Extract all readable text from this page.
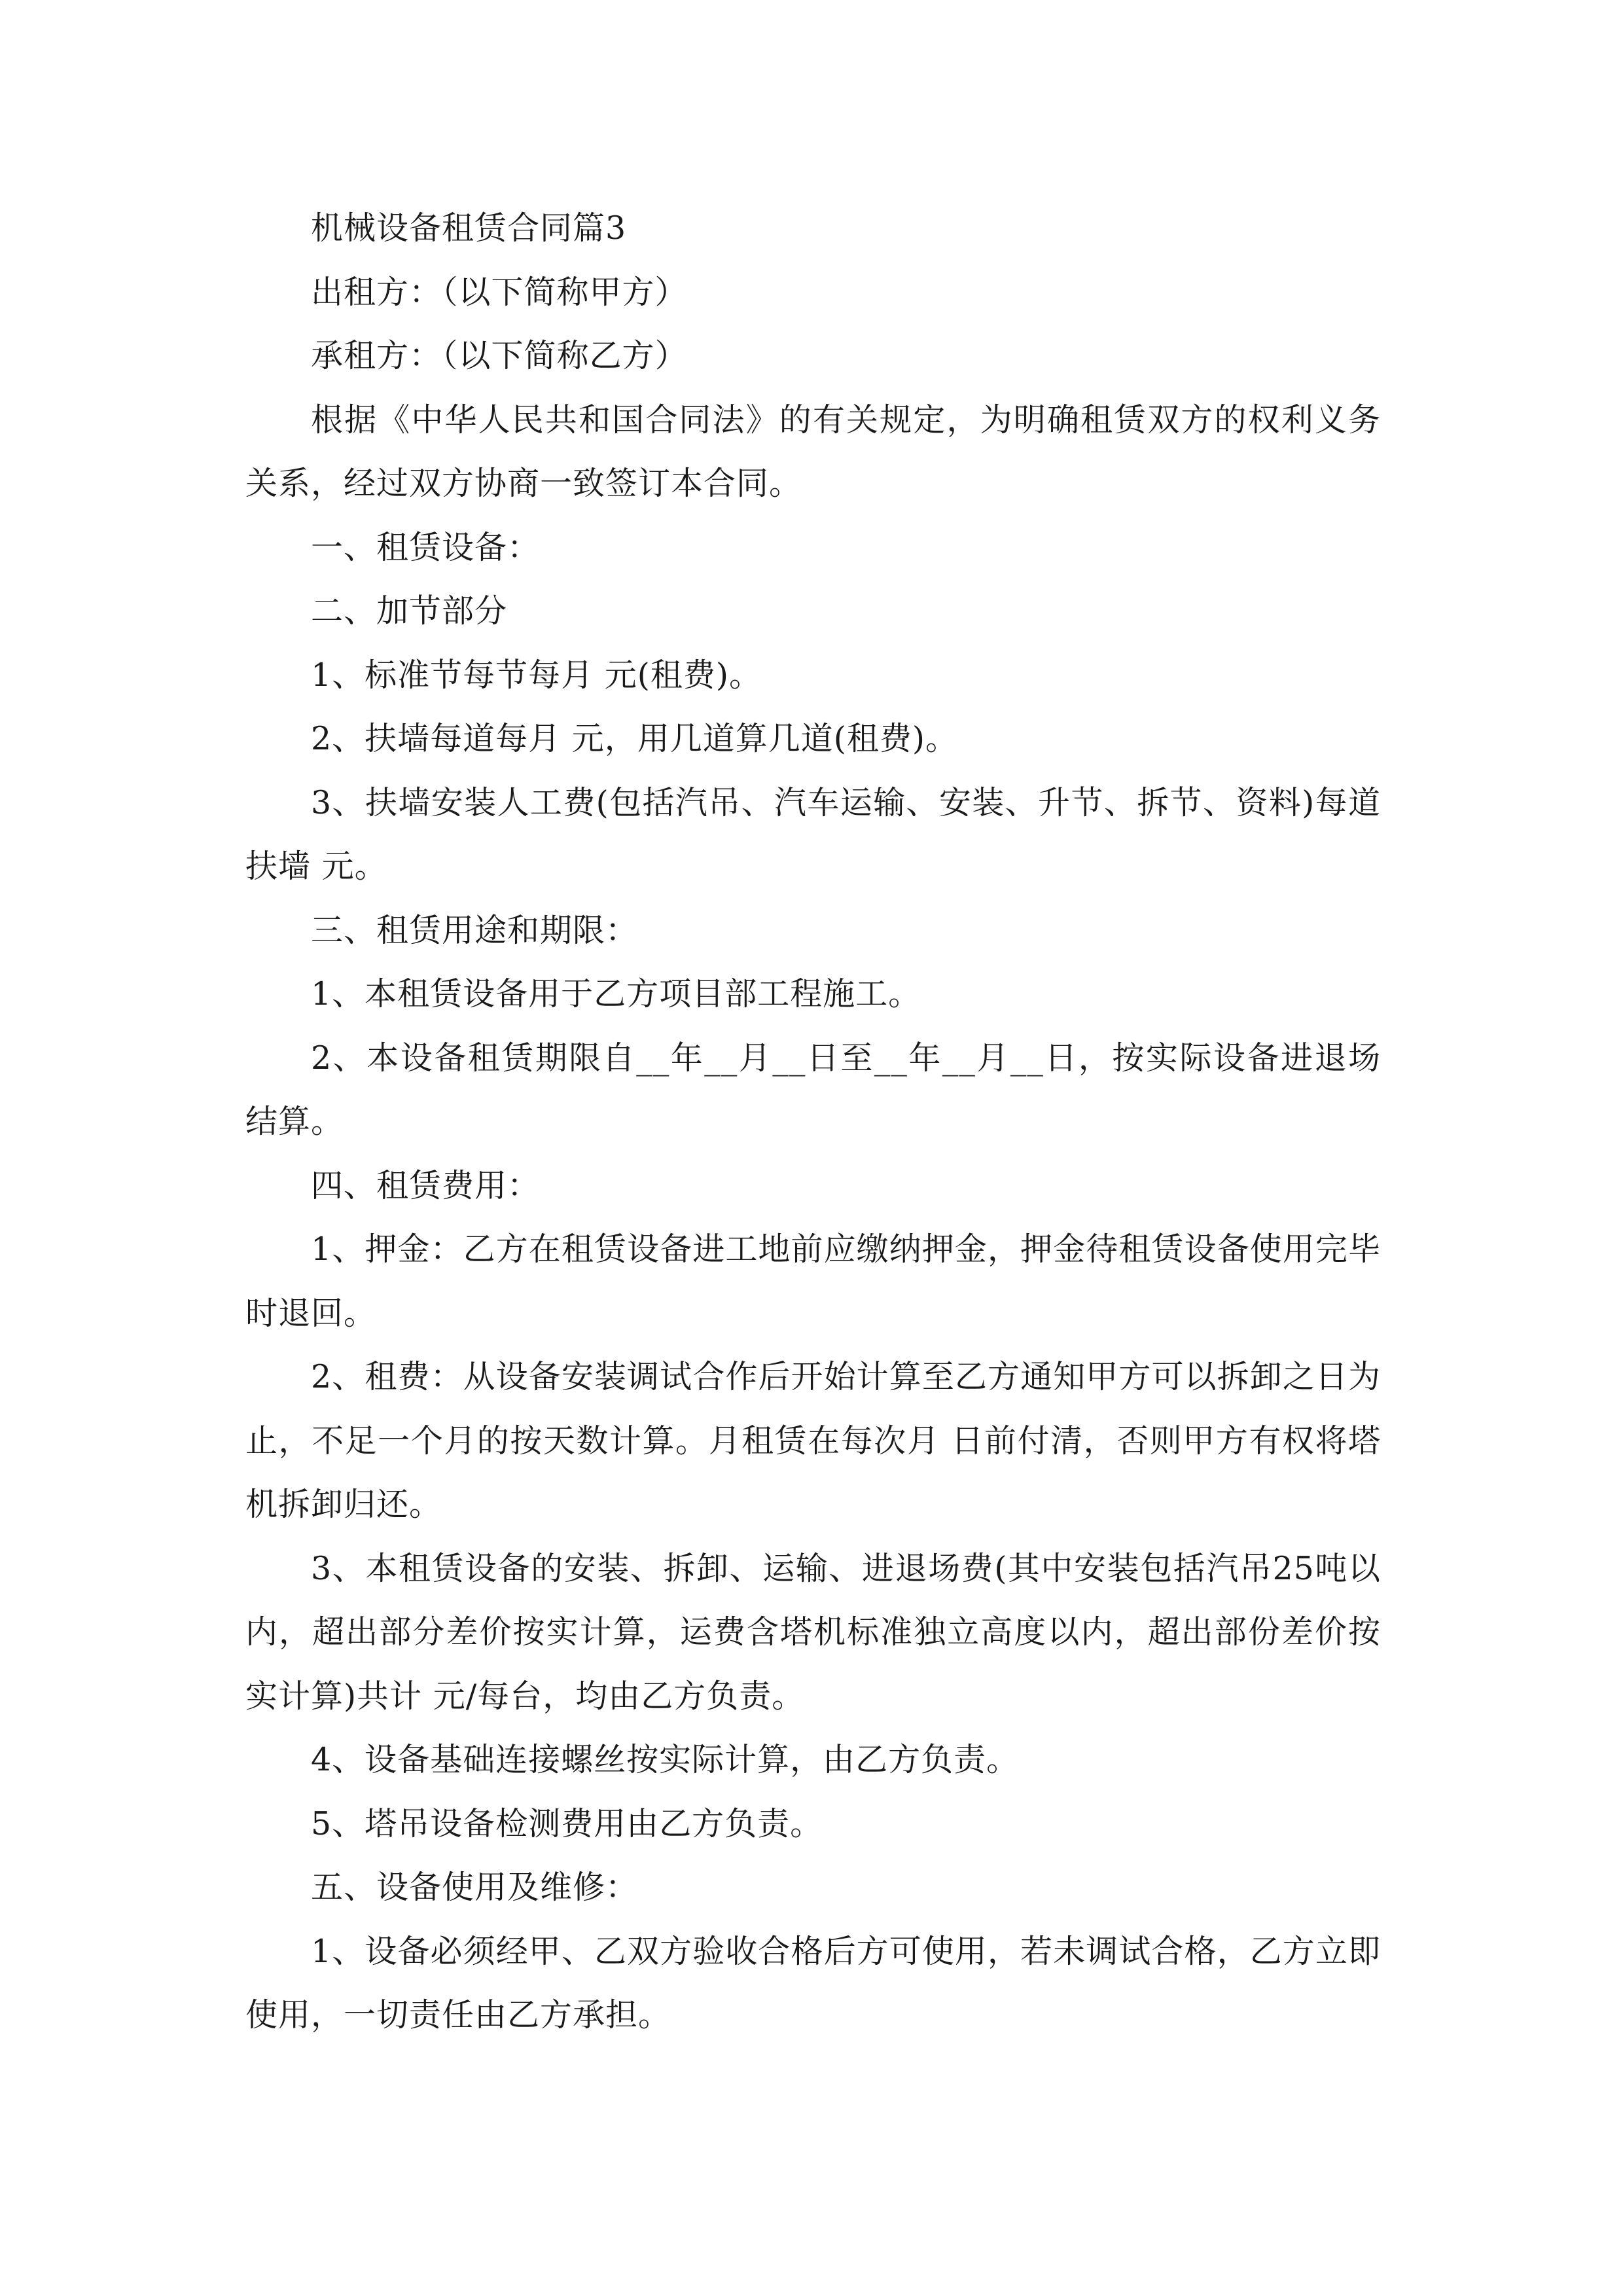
机械设备租赁合同篇3

出租方：（以下简称甲方）

承租方：（以下简称乙方）

根据《中华人民共和国合同法》的有关规定，为明确租赁双方的权利义务关系，经过双方协商一致签订本合同。

一、租赁设备：

二、加节部分

1、标准节每节每月 元(租费)。

2、扶墙每道每月 元，用几道算几道(租费)。

3、扶墙安装人工费(包括汽吊、汽车运输、安装、升节、拆节、资料)每道扶墙 元。

三、租赁用途和期限：

1、本租赁设备用于乙方项目部工程施工。

2、本设备租赁期限自__年__月__日至__年__月__日，按实际设备进退场结算。

四、租赁费用：

1、押金：乙方在租赁设备进工地前应缴纳押金，押金待租赁设备使用完毕时退回。

2、租费：从设备安装调试合作后开始计算至乙方通知甲方可以拆卸之日为止，不足一个月的按天数计算。月租赁在每次月 日前付清，否则甲方有权将塔机拆卸归还。

3、本租赁设备的安装、拆卸、运输、进退场费(其中安装包括汽吊25吨以内，超出部分差价按实计算，运费含塔机标准独立高度以内，超出部份差价按实计算)共计 元/每台，均由乙方负责。

4、设备基础连接螺丝按实际计算，由乙方负责。

5、塔吊设备检测费用由乙方负责。

五、设备使用及维修：

1、设备必须经甲、乙双方验收合格后方可使用，若未调试合格，乙方立即使用，一切责任由乙方承担。
